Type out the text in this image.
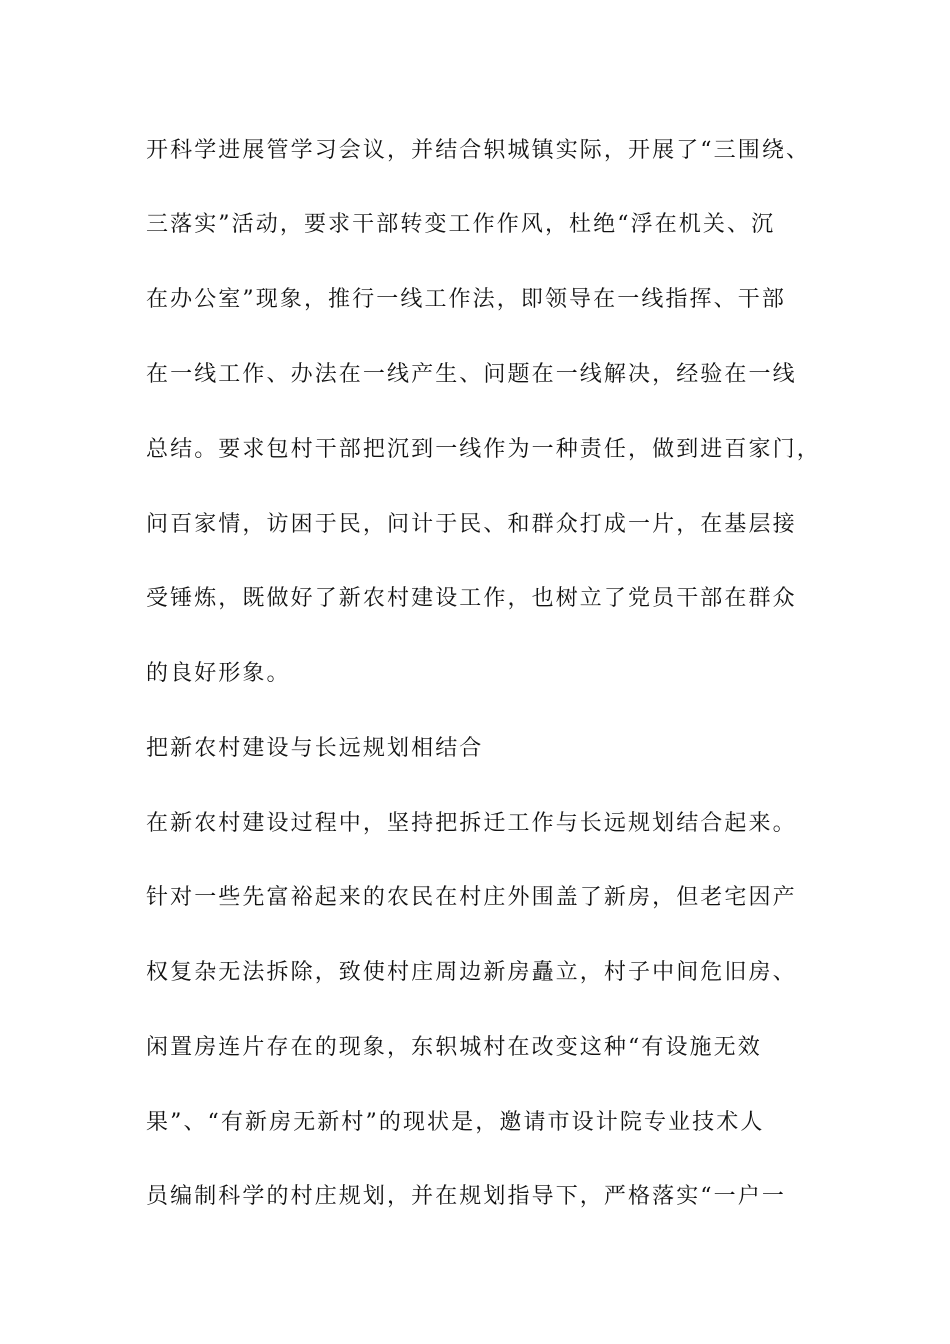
开科学进展管学习会议，并结合轵城镇实际，开展了“三围绕、
三落实”活动，要求干部转变工作作风，杜绝“浮在机关、沉
在办公室”现象，推行一线工作法，即领导在一线指挥、干部
在一线工作、办法在一线产生、问题在一线解决，经验在一线
总结。要求包村干部把沉到一线作为一种责任，做到进百家门，
问百家情，访困于民，问计于民、和群众打成一片，在基层接
受锤炼，既做好了新农村建设工作，也树立了党员干部在群众
的良好形象。
把新农村建设与长远规划相结合
在新农村建设过程中，坚持把拆迁工作与长远规划结合起来。
针对一些先富裕起来的农民在村庄外围盖了新房，但老宅因产
权复杂无法拆除，致使村庄周边新房矗立，村子中间危旧房、
闲置房连片存在的现象，东轵城村在改变这种“有设施无效
果”、“有新房无新村”的现状是，邀请市设计院专业技术人
员编制科学的村庄规划，并在规划指导下，严格落实“一户一
